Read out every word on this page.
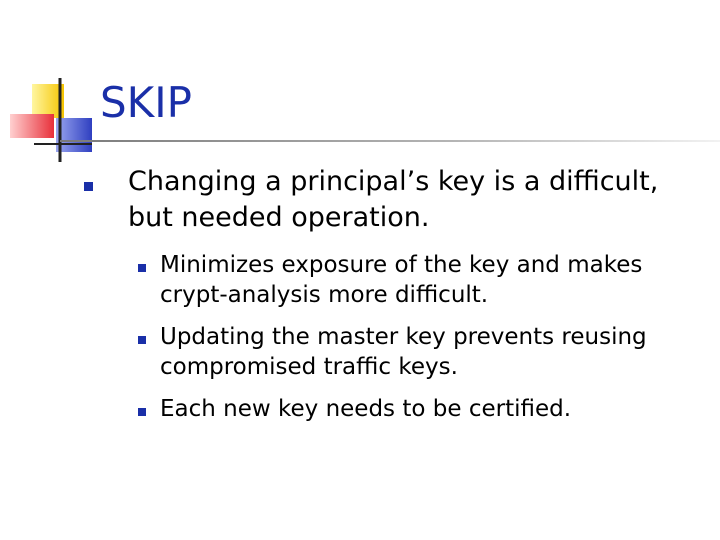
SKIP
Changing a principal’s key is a difficult, but needed operation.
Minimizes exposure of the key and makes crypt-analysis more difficult.
Updating the master key prevents reusing compromised traffic keys.
Each new key needs to be certified.
